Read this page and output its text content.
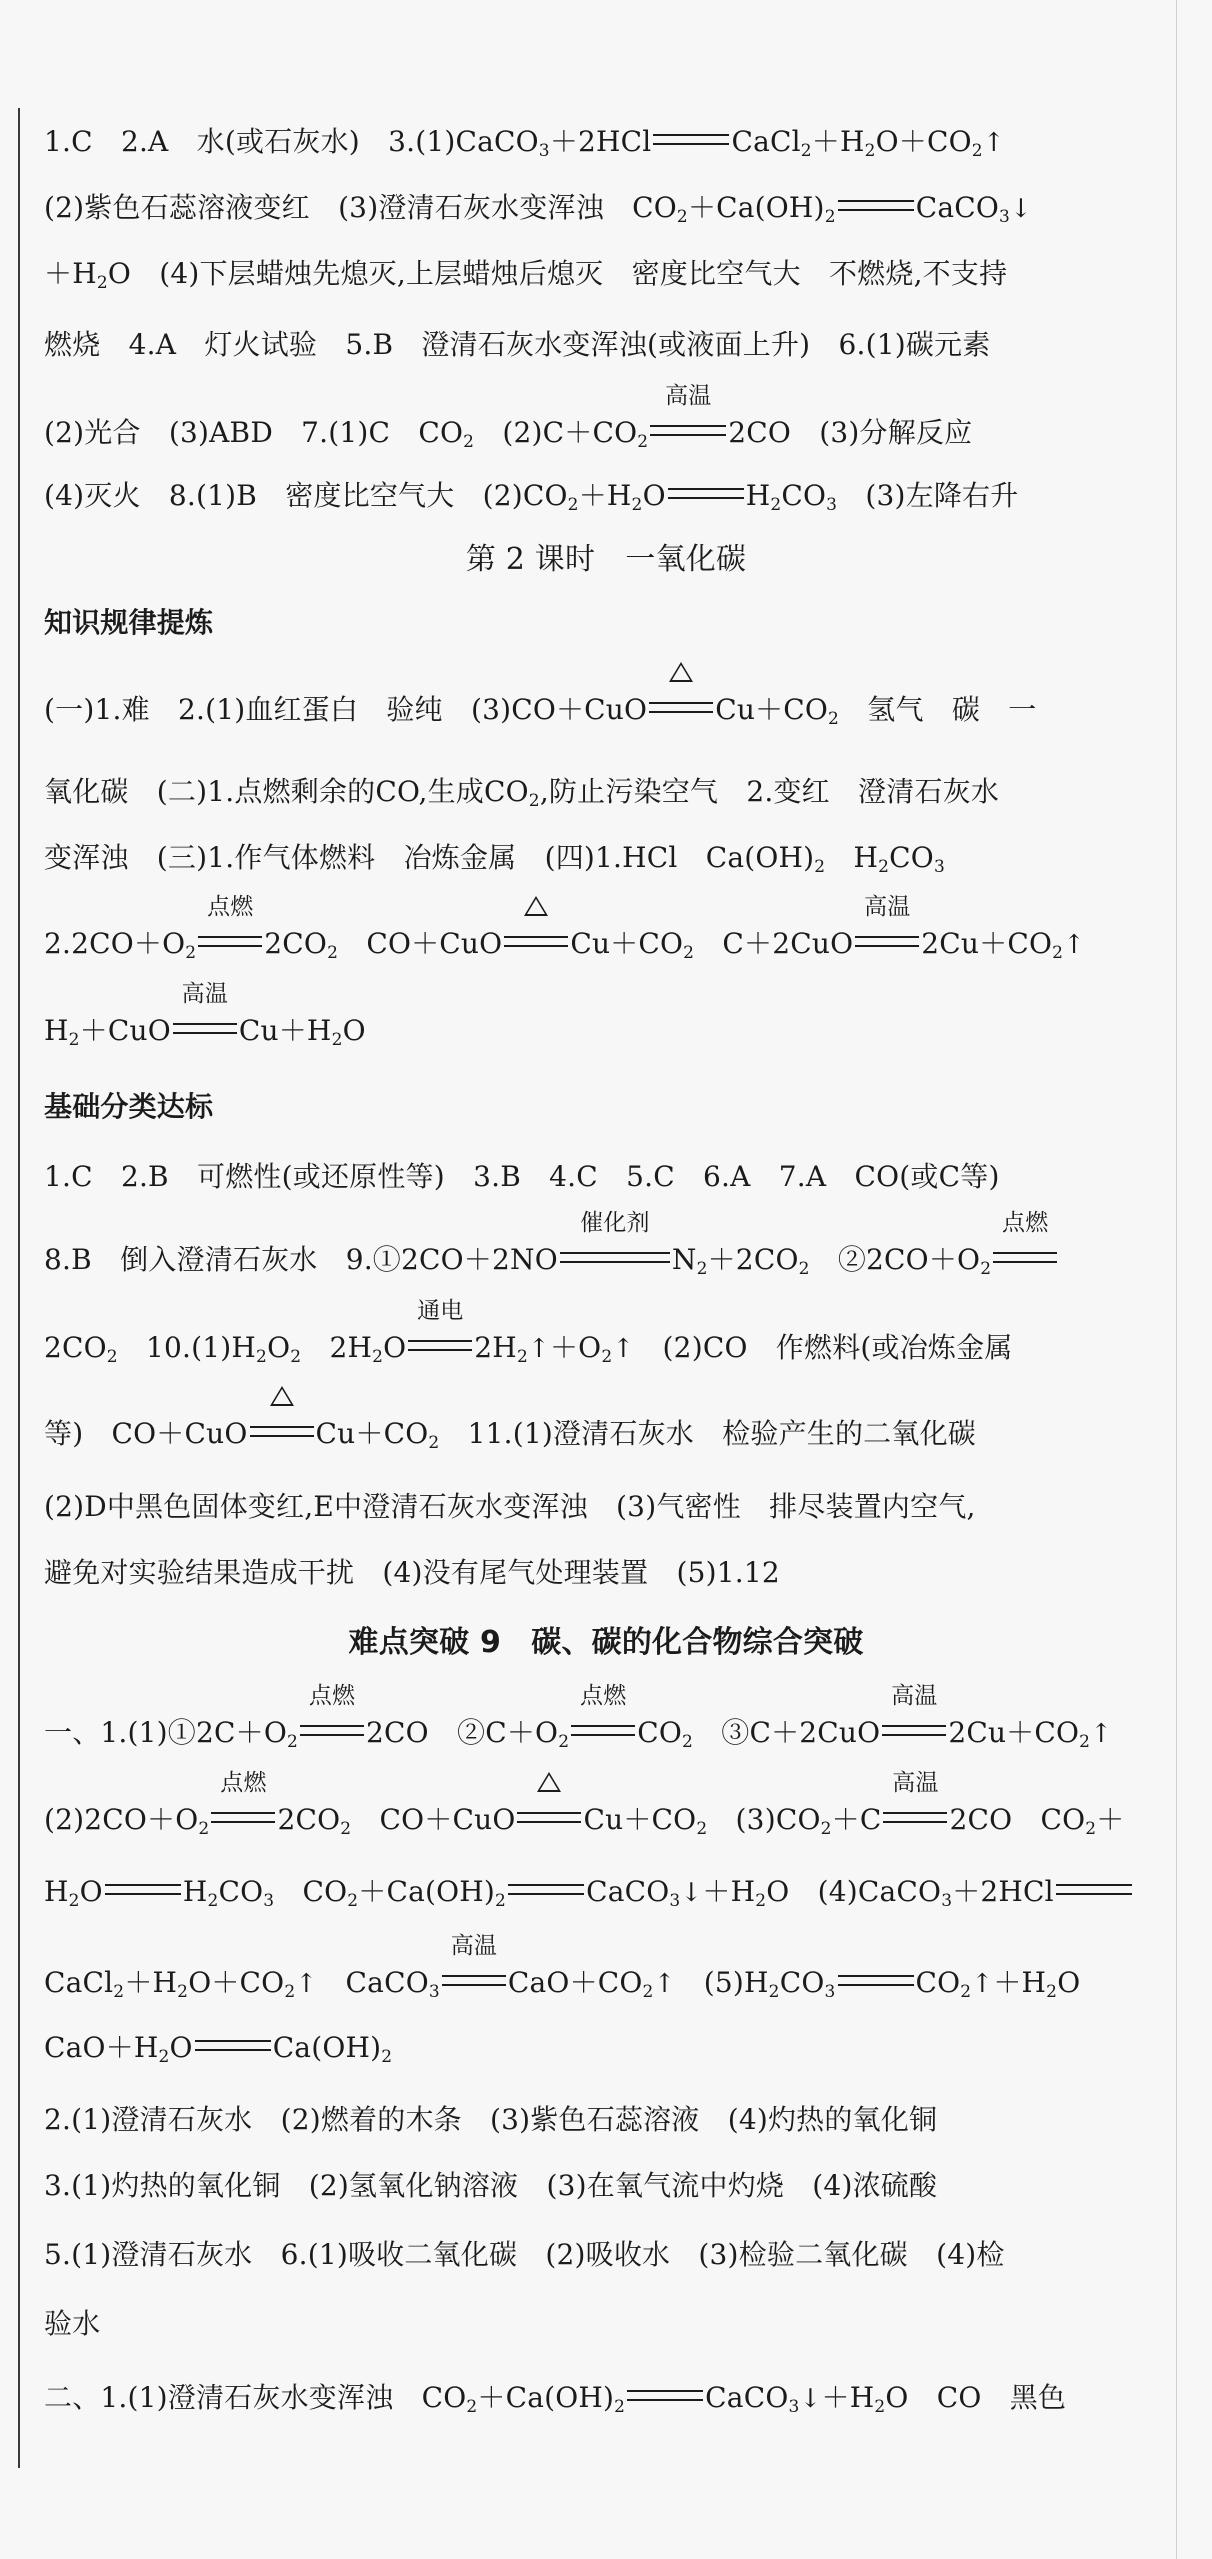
1.C　2.A　水(或石灰水)　3.(1)CaCO$_3$＋2HCl	$CaCl_2+H_2O+CO_2↑$
(2)紫色石蕊溶液变红　(3)澄清石灰水变浑浊　$CO_2+Ca(OH)_2$	CaCO$_3$↓
$+H_2O$　(4)下层蜡烛先熄灭,上层蜡烛后熄灭　密度比空气大　不燃烧,不支持
燃烧　4.A　灯火试验　5.B　澄清石灰水变浑浊(或液面上升)　6.(1)碳元素
(2)光合　(3)ABD　7.(1)C　$CO_2$　$(2)C+CO_2$
高温
2CO　(3)分解反应
(4)灭火　8.(1)B　密度比空气大　$(2)CO_2+H_2O$	$H_2CO_3$　(3)左降右升
第 2 课时　一氧化碳
知识规律提炼
(一)1.难　2.(1)血红蛋白　验纯　(3)CO＋CuO $Cu+CO_2$　氢气　碳　一
氧化碳　(二)1.点燃剩余的CO,生成$CO_2$,防止污染空气　2.变红　澄清石灰水
变浑浊　(三)1.作气体燃料　冶炼金属　(四)1.HCl　$Ca(OH)_2$　$H_2CO_3$
$2.2CO+O_2$
点燃
$2CO_2$　CO＋CuO $Cu+CO_2$　C＋2CuO
高温
$2Cu+CO_2↑$
$H_2+CuO$
高温
$Cu+H_2O$
基础分类达标
1.C　2.B　可燃性(或还原性等)　3.B　4.C　5.C　6.A　7.A　CO(或C等)
8.B　倒入澄清石灰水　9.①2CO＋2NO
催化剂
$N_2+2CO_2$　$②2CO+O_2$
点燃
$2CO_2$　$10.(1)H_2O_2$　$2H_2O$
通电
$2H_2↑+O_2↑$　(2)CO　作燃料(或冶炼金属
等)　CO＋CuO $Cu+CO_2$　11.(1)澄清石灰水　检验产生的二氧化碳
(2)D中黑色固体变红,E中澄清石灰水变浑浊　(3)气密性　排尽装置内空气,
避免对实验结果造成干扰　(4)没有尾气处理装置　(5)1.12
难点突破 9　碳、碳的化合物综合突破
一、$1.(1)①2C+O_2$
点燃
2CO　$②C+O_2$
点燃
$CO_2$　③C＋2CuO
高温
$2Cu+CO_2↑$
$(2)2CO+O_2$
点燃
$2CO_2$　CO＋CuO $Cu+CO_2$　$(3)CO_2+C$
高温
2CO　$CO_2+$
$H_2O$	$H_2CO_3$　$CO_2+Ca(OH)_2$	$CaCO_3↓+H_2O$　(4)CaCO$_3$＋2HCl
$CaCl_2+H_2O+CO_2↑$　CaCO$_3$
高温
$CaO+CO_2↑$　$(5)H_2CO_3$	$CO_2↑+H_2O$
$CaO+H_2O$	$Ca(OH)_2$
2.(1)澄清石灰水　(2)燃着的木条　(3)紫色石蕊溶液　(4)灼热的氧化铜
3.(1)灼热的氧化铜　(2)氢氧化钠溶液　(3)在氧气流中灼烧　(4)浓硫酸
5.(1)澄清石灰水　6.(1)吸收二氧化碳　(2)吸收水　(3)检验二氧化碳　(4)检
验水
二、1.(1)澄清石灰水变浑浊　$CO_2+Ca(OH)_2$	$CaCO_3↓+H_2O$　CO　黑色
